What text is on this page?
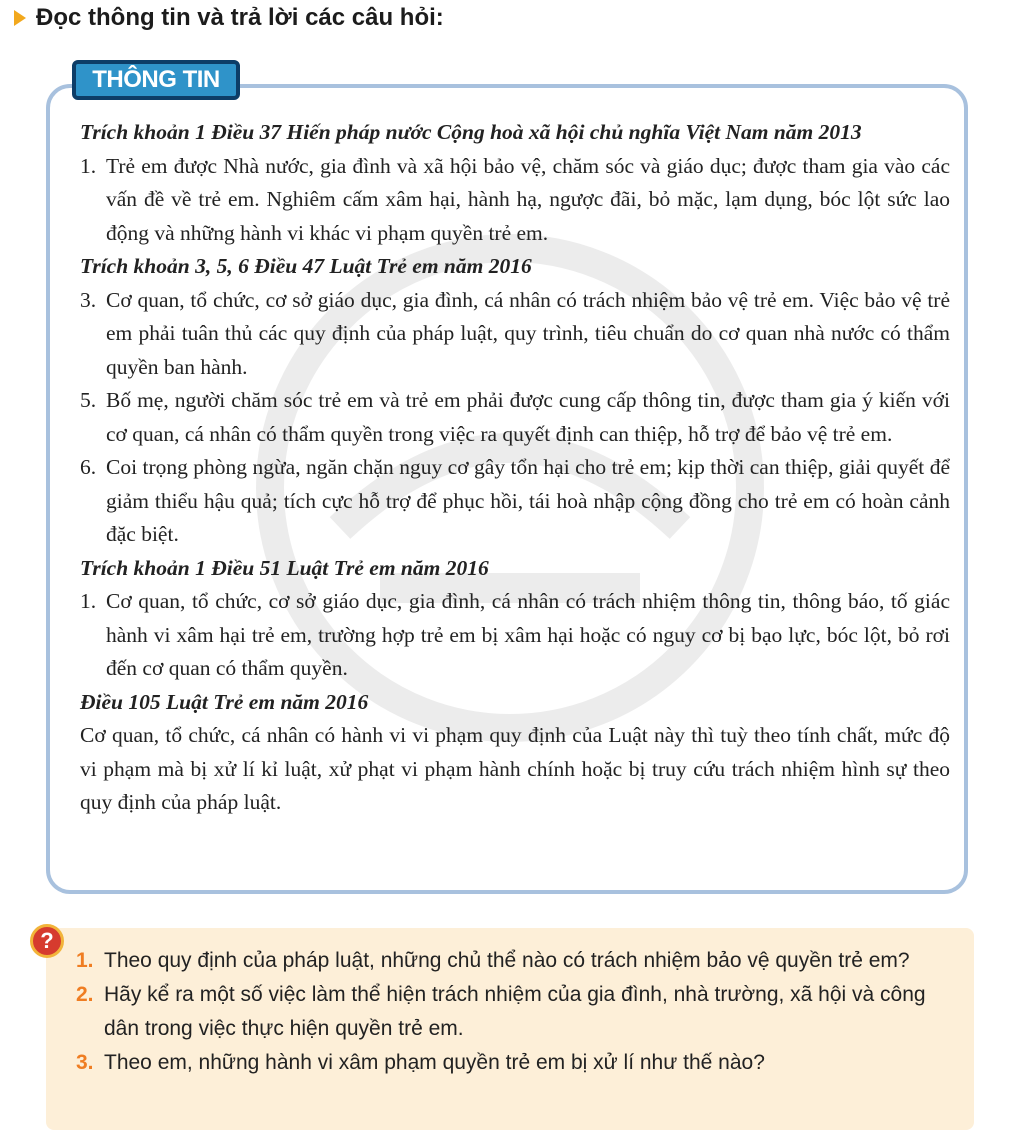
Đọc thông tin và trả lời các câu hỏi:

Trích khoản 1 Điều 37 Hiến pháp nước Cộng hoà xã hội chủ nghĩa Việt Nam năm 2013

1. Trẻ em được Nhà nước, gia đình và xã hội bảo vệ, chăm sóc và giáo dục; được tham gia vào các vấn đề về trẻ em. Nghiêm cấm xâm hại, hành hạ, ngược đãi, bỏ mặc, lạm dụng, bóc lột sức lao động và những hành vi khác vi phạm quyền trẻ em.

Trích khoản 3, 5, 6 Điều 47 Luật Trẻ em năm 2016

3. Cơ quan, tổ chức, cơ sở giáo dục, gia đình, cá nhân có trách nhiệm bảo vệ trẻ em. Việc bảo vệ trẻ em phải tuân thủ các quy định của pháp luật, quy trình, tiêu chuẩn do cơ quan nhà nước có thẩm quyền ban hành.
5. Bố mẹ, người chăm sóc trẻ em và trẻ em phải được cung cấp thông tin, được tham gia ý kiến với cơ quan, cá nhân có thẩm quyền trong việc ra quyết định can thiệp, hỗ trợ để bảo vệ trẻ em.
6. Coi trọng phòng ngừa, ngăn chặn nguy cơ gây tổn hại cho trẻ em; kịp thời can thiệp, giải quyết để giảm thiểu hậu quả; tích cực hỗ trợ để phục hồi, tái hoà nhập cộng đồng cho trẻ em có hoàn cảnh đặc biệt.

Trích khoản 1 Điều 51 Luật Trẻ em năm 2016

1. Cơ quan, tổ chức, cơ sở giáo dục, gia đình, cá nhân có trách nhiệm thông tin, thông báo, tố giác hành vi xâm hại trẻ em, trường hợp trẻ em bị xâm hại hoặc có nguy cơ bị bạo lực, bóc lột, bỏ rơi đến cơ quan có thẩm quyền.

Điều 105 Luật Trẻ em năm 2016

Cơ quan, tổ chức, cá nhân có hành vi vi phạm quy định của Luật này thì tuỳ theo tính chất, mức độ vi phạm mà bị xử lí kỉ luật, xử phạt vi phạm hành chính hoặc bị truy cứu trách nhiệm hình sự theo quy định của pháp luật.

THÔNG TIN
?
1. Theo quy định của pháp luật, những chủ thể nào có trách nhiệm bảo vệ quyền trẻ em?
2. Hãy kể ra một số việc làm thể hiện trách nhiệm của gia đình, nhà trường, xã hội và công dân trong việc thực hiện quyền trẻ em.
3. Theo em, những hành vi xâm phạm quyền trẻ em bị xử lí như thế nào?
